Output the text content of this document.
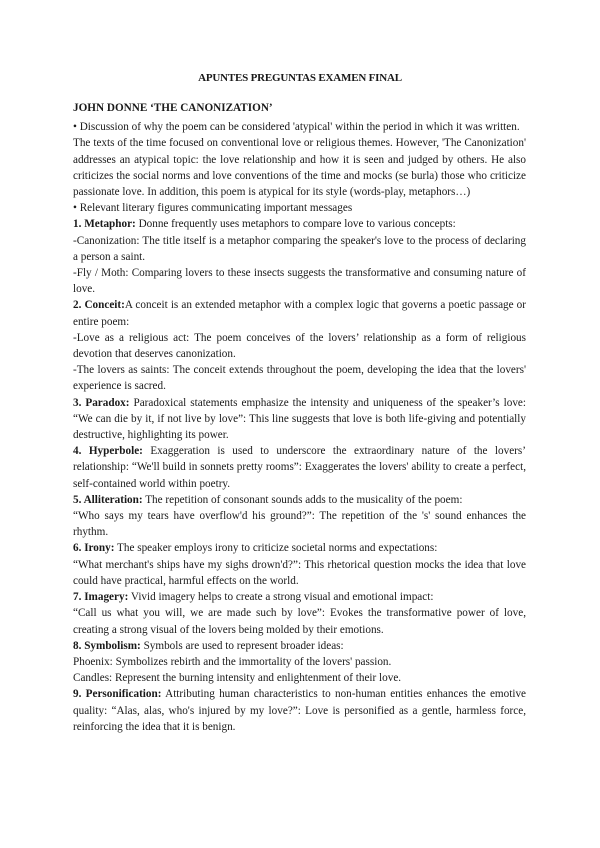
APUNTES PREGUNTAS EXAMEN FINAL

JOHN DONNE ‘THE CANONIZATION’

• Discussion of why the poem can be considered 'atypical' within the period in which it was written.

The texts of the time focused on conventional love or religious themes. However, 'The Canonization' addresses an atypical topic: the love relationship and how it is seen and judged by others. He also criticizes the social norms and love conventions of the time and mocks (se burla) those who criticize passionate love. In addition, this poem is atypical for its style (words-play, metaphors…)

• Relevant literary figures communicating important messages

1. Metaphor: Donne frequently uses metaphors to compare love to various concepts:

-Canonization: The title itself is a metaphor comparing the speaker's love to the process of declaring a person a saint.

-Fly / Moth: Comparing lovers to these insects suggests the transformative and consuming nature of love.

2. Conceit:A conceit is an extended metaphor with a complex logic that governs a poetic passage or entire poem:

-Love as a religious act: The poem conceives of the lovers’ relationship as a form of religious devotion that deserves canonization.

-The lovers as saints: The conceit extends throughout the poem, developing the idea that the lovers' experience is sacred.

3. Paradox: Paradoxical statements emphasize the intensity and uniqueness of the speaker’s love: “We can die by it, if not live by love”: This line suggests that love is both life-giving and potentially destructive, highlighting its power.

4. Hyperbole: Exaggeration is used to underscore the extraordinary nature of the lovers’ relationship: “We'll build in sonnets pretty rooms”: Exaggerates the lovers' ability to create a perfect, self-contained world within poetry.

5. Alliteration: The repetition of consonant sounds adds to the musicality of the poem:

“Who says my tears have overflow'd his ground?”: The repetition of the 's' sound enhances the rhythm.

6. Irony: The speaker employs irony to criticize societal norms and expectations:

“What merchant's ships have my sighs drown'd?”: This rhetorical question mocks the idea that love could have practical, harmful effects on the world.

7. Imagery: Vivid imagery helps to create a strong visual and emotional impact:

“Call us what you will, we are made such by love”: Evokes the transformative power of love, creating a strong visual of the lovers being molded by their emotions.

8. Symbolism: Symbols are used to represent broader ideas:

Phoenix: Symbolizes rebirth and the immortality of the lovers' passion.

Candles: Represent the burning intensity and enlightenment of their love.

9. Personification: Attributing human characteristics to non-human entities enhances the emotive quality: “Alas, alas, who's injured by my love?”: Love is personified as a gentle, harmless force, reinforcing the idea that it is benign.
